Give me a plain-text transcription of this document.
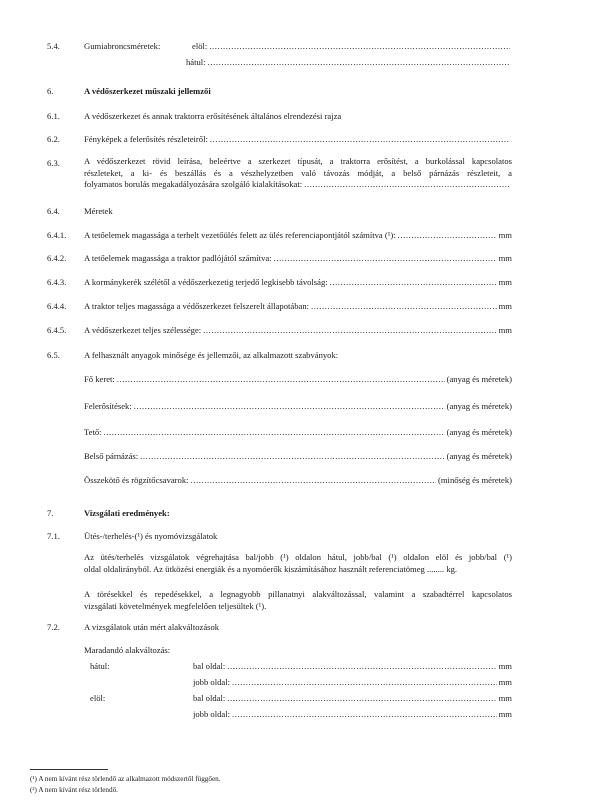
5.4.	Gumiabroncsméretek:	elöl:
.....
hátul:
.....
6.	A védőszerkezet műszaki jellemzői
6.1.	A védőszerkezet és annak traktorra erősítésének általános elrendezési rajza
6.2.	Fényképek a felerősítés részleteiről:
.....
6.3.	A védőszerkezet rövid leírása, beleértve a szerkezet típusát, a traktorra erősítést, a burkolással kapcsolatos
részleteket, a ki- és beszállás és a vészhelyzetben való távozás módját, a belső párnázás részleteit, a
folyamatos borulás megakadályozására szolgáló kialakításokat:
.....
6.4.	Méretek
6.4.1. A tetőelemek magassága a terhelt vezetőülés felett az ülés referenciapontjától számítva (¹): .....	mm
6.4.2. A tetőelemek magassága a traktor padlójától számítva: .....	mm
6.4.3. A kormánykerék szélétől a védőszerkezetig terjedő legkisebb távolság: .....	mm
6.4.4. A traktor teljes magassága a védőszerkezet felszerelt állapotában: .....	mm
6.4.5. A védőszerkezet teljes szélessége: .....	mm
6.5.	A felhasznált anyagok minősége és jellemzői, az alkalmazott szabványok:
Fő keret: .....	(anyag és méretek)
Felerősítések: .....	(anyag és méretek)
Tető: .....	(anyag és méretek)
Belső párnázás: .....	(anyag és méretek)
Összekötő és rögzítőcsavarok: .....	(minőség és méretek)
7.	Vizsgálati eredmények:
7.1.	Ütés-/terhelés-(¹) és nyomóvizsgálatok
Az ütés/terhelés vizsgálatok végrehajtása bal/jobb (¹) oldalon hátul, jobb/bal (¹) oldalon elöl és jobb/bal (¹)
oldal oldalirányból. Az ütközési energiák és a nyomóerők kiszámításához használt referenciatömeg ........ kg.
A törésekkel és repedésekkel, a legnagyobb pillanatnyi alakváltozással, valamint a szabadtérrel kapcsolatos
vizsgálati követelmények megfelelően teljesültek (¹).
7.2.	A vizsgálatok után mért alakváltozások
Maradandó alakváltozás:
hátul:	bal oldal: .....	mm
jobb oldal: .....	mm
elöl:	bal oldal: .....	mm
jobb oldal: .....	mm
(¹) A nem kívánt rész törlendő az alkalmazott módszertől függően.
(²) A nem kívánt rész törlendő.
